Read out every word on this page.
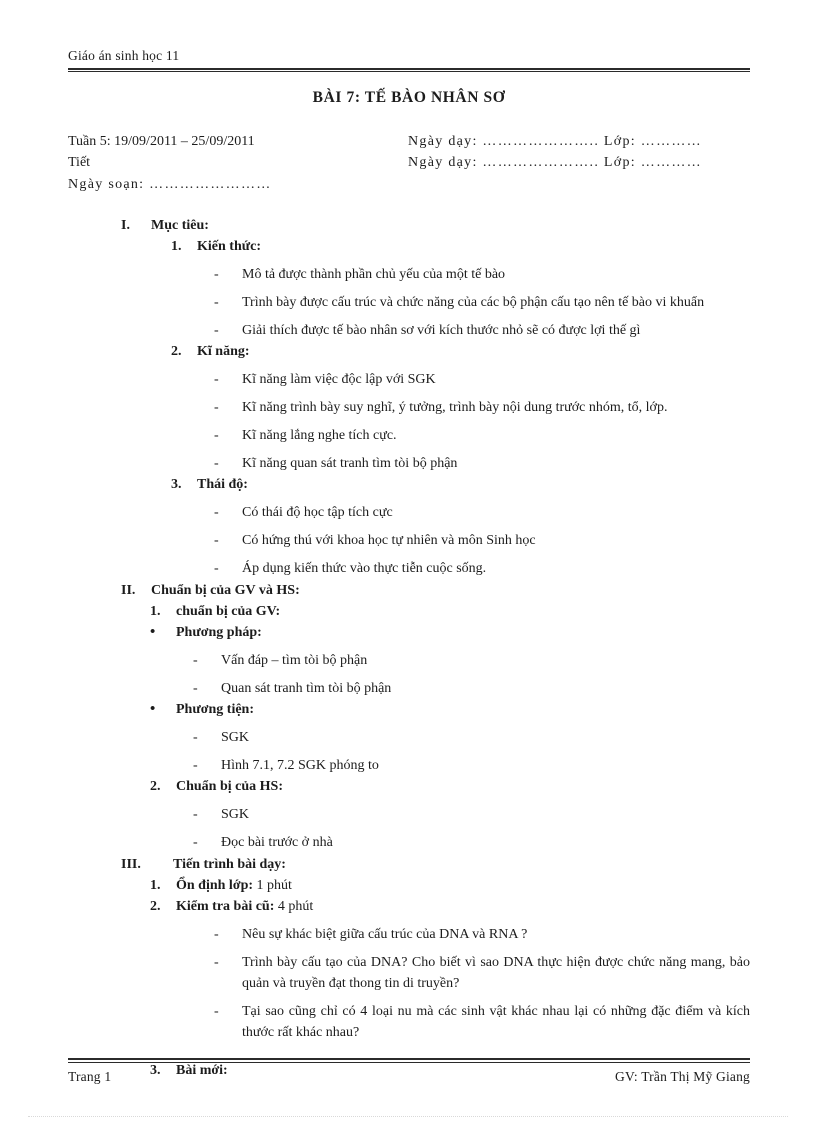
Giáo án sinh học 11
BÀI 7: TẾ BÀO NHÂN SƠ
Tuần 5: 19/09/2011 – 25/09/2011
Tiết
Ngày soạn: ……………………
Ngày dạy: ………………….. Lớp: …………
Ngày dạy: ………………….. Lớp: …………
I.	Mục tiêu:
1.	Kiến thức:
-	Mô tả được thành phần chủ yếu của một tế bào
-	Trình bày được cấu trúc và chức năng của các bộ phận cấu tạo nên tế bào vi khuẩn
-	Giải thích được tế bào nhân sơ với kích thước nhỏ sẽ có được lợi thế gì
2.	Kĩ năng:
-	Kĩ năng làm việc độc lập với SGK
-	Kĩ năng trình bày suy nghĩ, ý tưởng, trình bày nội dung trước nhóm, tổ, lớp.
-	Kĩ năng lắng nghe tích cực.
-	Kĩ năng quan sát tranh tìm tòi bộ phận
3.	Thái độ:
-	Có thái độ học tập tích cực
-	Có hứng thú với khoa học tự nhiên và môn Sinh học
-	Áp dụng kiến thức vào thực tiễn cuộc sống.
II.	Chuẩn bị của GV và HS:
1.	chuẩn bị của GV:
•	Phương pháp:
-	Vấn đáp – tìm tòi bộ phận
-	Quan sát tranh tìm tòi bộ phận
•	Phương tiện:
-	SGK
-	Hình 7.1, 7.2 SGK phóng to
2.	Chuẩn bị của HS:
-	SGK
-	Đọc bài trước ở nhà
III.	Tiến trình bài dạy:
1.	Ổn định lớp: 1 phút
2.	Kiểm tra bài cũ: 4 phút
-	Nêu sự khác biệt giữa cấu trúc của DNA và RNA ?
-	Trình bày cấu tạo của DNA? Cho biết vì sao DNA thực hiện được chức năng mang, bảo quản và truyền đạt thong tin di truyền?
-	Tại sao cũng chỉ có 4 loại nu mà các sinh vật khác nhau lại có những đặc điểm và kích thước rất khác nhau?
3.	Bài mới:
Trang 1	GV: Trần Thị Mỹ Giang
